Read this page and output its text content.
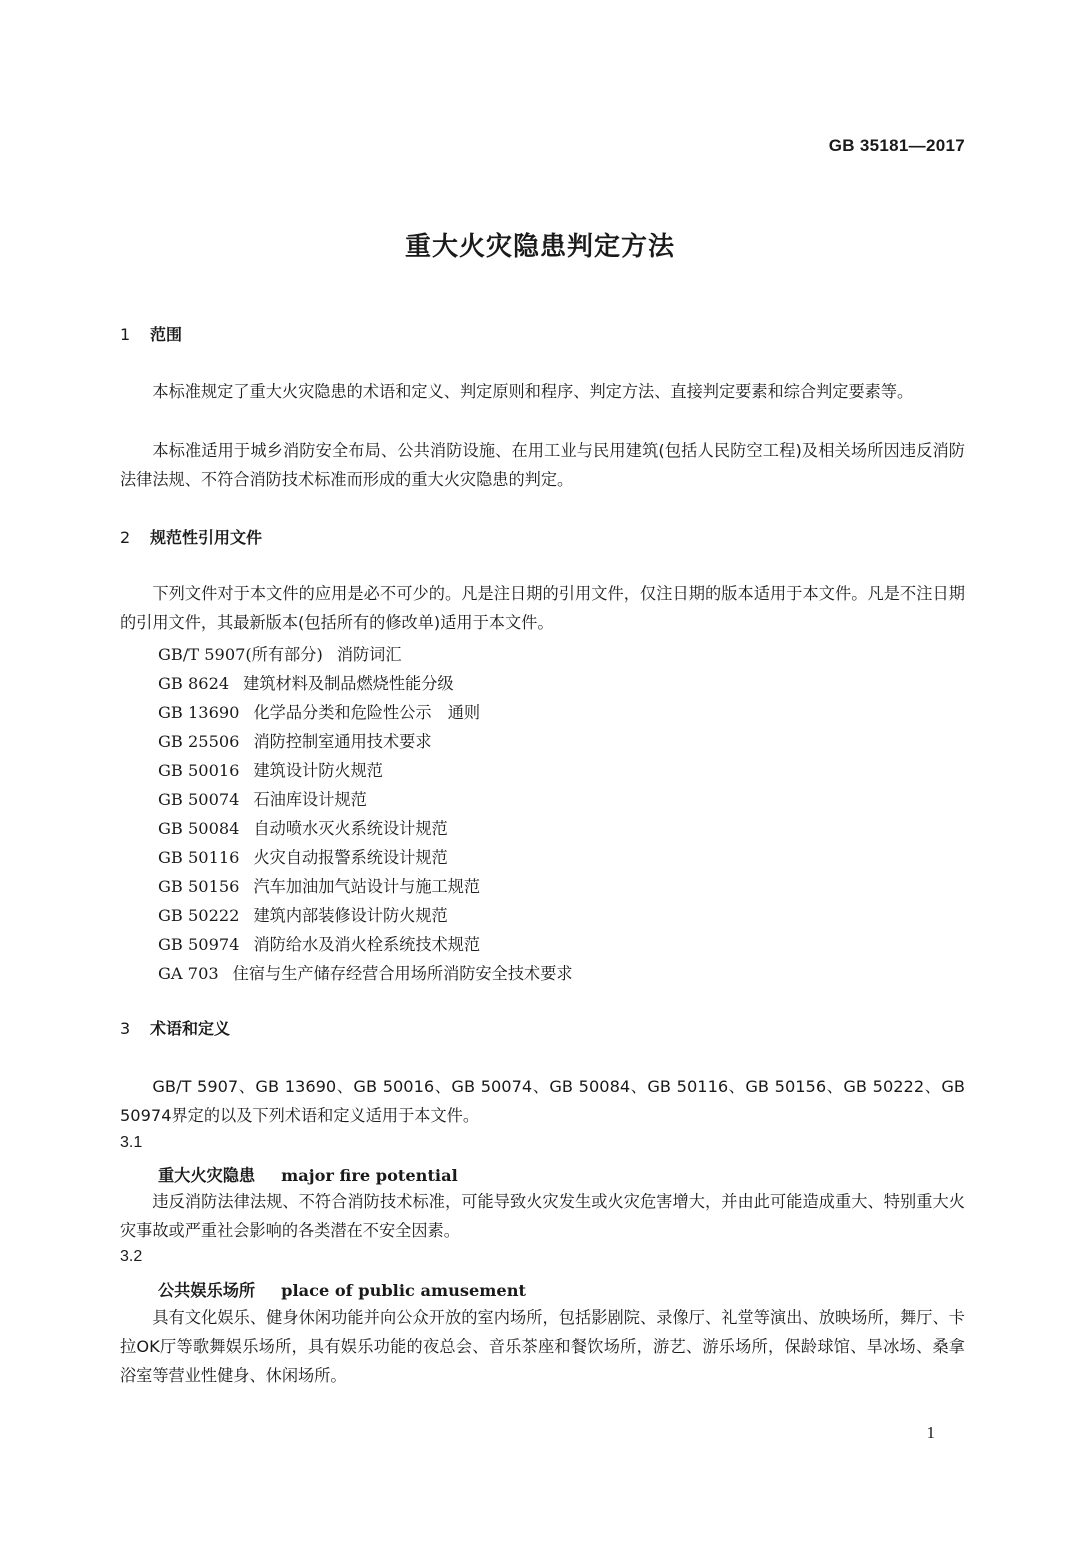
GB 35181—2017
重大火灾隐患判定方法
1 范围
本标准规定了重大火灾隐患的术语和定义、判定原则和程序、判定方法、直接判定要素和综合判定要素等。
本标准适用于城乡消防安全布局、公共消防设施、在用工业与民用建筑(包括人民防空工程)及相关场所因违反消防法律法规、不符合消防技术标准而形成的重大火灾隐患的判定。
2 规范性引用文件
下列文件对于本文件的应用是必不可少的。凡是注日期的引用文件，仅注日期的版本适用于本文件。凡是不注日期的引用文件，其最新版本(包括所有的修改单)适用于本文件。
GB/T 5907(所有部分) 消防词汇
GB 8624 建筑材料及制品燃烧性能分级
GB 13690 化学品分类和危险性公示　通则
GB 25506 消防控制室通用技术要求
GB 50016 建筑设计防火规范
GB 50074 石油库设计规范
GB 50084 自动喷水灭火系统设计规范
GB 50116 火灾自动报警系统设计规范
GB 50156 汽车加油加气站设计与施工规范
GB 50222 建筑内部装修设计防火规范
GB 50974 消防给水及消火栓系统技术规范
GA 703 住宿与生产储存经营合用场所消防安全技术要求
3 术语和定义
GB/T 5907、GB 13690、GB 50016、GB 50074、GB 50084、GB 50116、GB 50156、GB 50222、GB 50974界定的以及下列术语和定义适用于本文件。
3.1
重大火灾隐患 major fire potential
违反消防法律法规、不符合消防技术标准，可能导致火灾发生或火灾危害增大，并由此可能造成重大、特别重大火灾事故或严重社会影响的各类潜在不安全因素。
3.2
公共娱乐场所 place of public amusement
具有文化娱乐、健身休闲功能并向公众开放的室内场所，包括影剧院、录像厅、礼堂等演出、放映场所，舞厅、卡拉OK厅等歌舞娱乐场所，具有娱乐功能的夜总会、音乐茶座和餐饮场所，游艺、游乐场所，保龄球馆、旱冰场、桑拿浴室等营业性健身、休闲场所。
1
